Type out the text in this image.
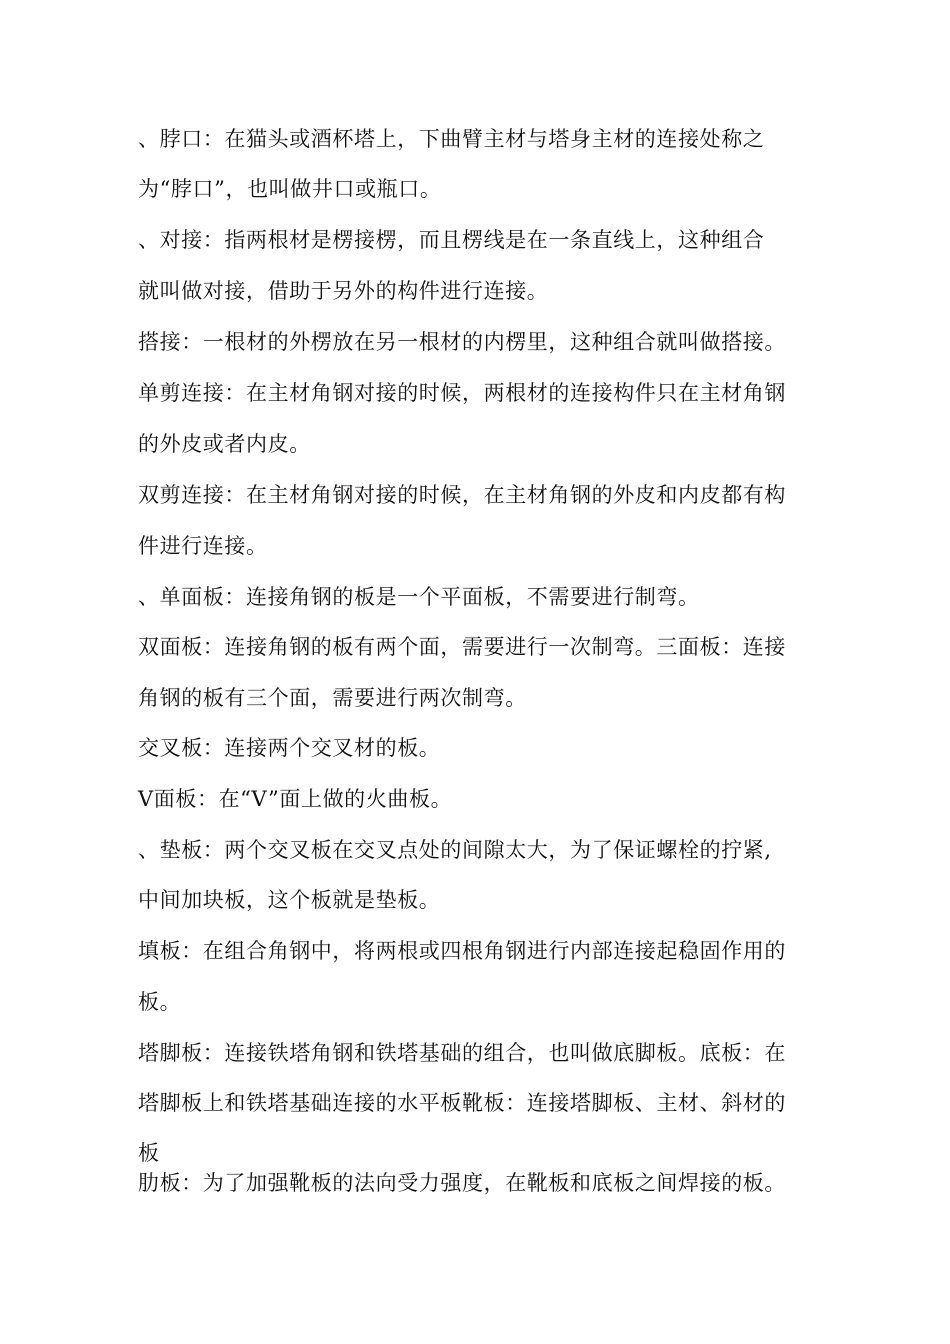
、脖口：在猫头或酒杯塔上，下曲臂主材与塔身主材的连接处称之
为“脖口”，也叫做井口或瓶口。
、对接：指两根材是楞接楞，而且楞线是在一条直线上，这种组合
就叫做对接，借助于另外的构件进行连接。
搭接：一根材的外楞放在另一根材的内楞里，这种组合就叫做搭接。
单剪连接：在主材角钢对接的时候，两根材的连接构件只在主材角钢
的外皮或者内皮。
双剪连接：在主材角钢对接的时候，在主材角钢的外皮和内皮都有构
件进行连接。
、单面板：连接角钢的板是一个平面板，不需要进行制弯。
双面板：连接角钢的板有两个面，需要进行一次制弯。三面板：连接
角钢的板有三个面，需要进行两次制弯。
交叉板：连接两个交叉材的板。
V面板：在“V”面上做的火曲板。
、垫板：两个交叉板在交叉点处的间隙太大，为了保证螺栓的拧紧,
中间加块板，这个板就是垫板。
填板：在组合角钢中，将两根或四根角钢进行内部连接起稳固作用的
板。
塔脚板：连接铁塔角钢和铁塔基础的组合，也叫做底脚板。底板：在
塔脚板上和铁塔基础连接的水平板靴板：连接塔脚板、主材、斜材的
板
肋板：为了加强靴板的法向受力强度，在靴板和底板之间焊接的板。
